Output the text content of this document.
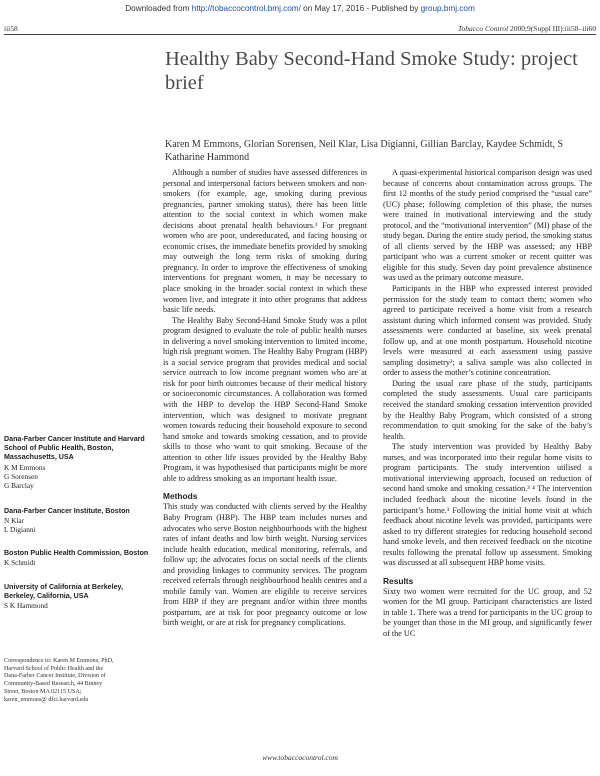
Downloaded from http://tobaccocontrol.bmj.com/ on May 17, 2016 - Published by group.bmj.com
iii58	Tobacco Control 2000;9(Suppl III):iii58–iii60
Healthy Baby Second-Hand Smoke Study: project brief
Karen M Emmons, Glorian Sorensen, Neil Klar, Lisa Digianni, Gillian Barclay, Kaydee Schmidt, S Katharine Hammond
Dana-Farber Cancer Institute and Harvard School of Public Health, Boston, Massachusetts, USA
K M Emmons
G Sorensen
G Barclay
Dana-Farber Cancer Institute, Boston
N Klar
L Digianni
Boston Public Health Commission, Boston
K Schmidt
University of California at Berkeley, Berkeley, California, USA
S K Hammond
Correspondence to: Karen M Emmons, PhD, Harvard School of Public Health and the Dana-Farber Cancer Institute, Division of Community-Based Research, 44 Binney Street, Boston MA 02115 USA; karen_emmons@ dfci.harvard.edu

Although a number of studies have assessed differences in personal and interpersonal factors between smokers and non-smokers (for example, age, smoking during previous pregnancies, partner smoking status), there has been little attention to the social context in which women make decisions about prenatal health behaviours.¹ For pregnant women who are poor, undereducated, and facing housing or economic crises, the immediate benefits provided by smoking may outweigh the long term risks of smoking during pregnancy. In order to improve the effectiveness of smoking interventions for pregnant women, it may be necessary to place smoking in the broader social context in which these women live, and integrate it into other programs that address basic life needs.

The Healthy Baby Second-Hand Smoke Study was a pilot program designed to evaluate the role of public health nurses in delivering a novel smoking intervention to limited income, high risk pregnant women. The Healthy Baby Program (HBP) is a social service program that provides medical and social service outreach to low income pregnant women who are at risk for poor birth outcomes because of their medical history or socioeconomic circumstances. A collaboration was formed with the HBP to develop the HBP Second-Hand Smoke intervention, which was designed to motivate pregnant women towards reducing their household exposure to second hand smoke and towards smoking cessation, and to provide skills to those who want to quit smoking. Because of the attention to other life issues provided by the Healthy Baby Program, it was hypothesised that participants might be more able to address smoking as an important health issue.

Methods

This study was conducted with clients served by the Healthy Baby Program (HBP). The HBP team includes nurses and advocates who serve Boston neighbourhoods with the highest rates of infant deaths and low birth weight. Nursing services include health education, medical monitoring, referrals, and follow up; the advocates focus on social needs of the clients and providing linkages to community services. The program received referrals through neighbourhood health centres and a mobile family van. Women are eligible to receive services from HBP if they are pregnant and/or within three months postpartum, are at risk for poor pregnancy outcome or low birth weight, or are at risk for pregnancy complications.

A quasi-experimental historical comparison design was used because of concerns about contamination across groups. The first 12 months of the study period comprised the “usual care” (UC) phase; following completion of this phase, the nurses were trained in motivational interviewing and the study protocol, and the “motivational intervention” (MI) phase of the study began. During the entire study period, the smoking status of all clients served by the HBP was assessed; any HBP participant who was a current smoker or recent quitter was eligible for this study. Seven day point prevalence abstinence was used as the primary outcome measure.

Participants in the HBP who expressed interest provided permission for the study team to contact them; women who agreed to participate received a home visit from a research assistant during which informed consent was provided. Study assessments were conducted at baseline, six week prenatal follow up, and at one month postpartum. Household nicotine levels were measured at each assessment using passive sampling dosimetry²; a saliva sample was also collected in order to assess the mother’s cotinine concentration.

During the usual care phase of the study, participants completed the study assessments. Usual care participants received the standard smoking cessation intervention provided by the Healthy Baby Program, which consisted of a strong recommendation to quit smoking for the sake of the baby’s health.

The study intervention was provided by Healthy Baby nurses, and was incorporated into their regular home visits to program participants. The study intervention utilised a motivational interviewing approach, focused on reduction of second hand smoke and smoking cessation.³ ⁴ The intervention included feedback about the nicotine levels found in the participant’s home.³ Following the initial home visit at which feedback about nicotine levels was provided, participants were asked to try different strategies for reducing household second hand smoke levels, and then received feedback on the nicotine results following the prenatal follow up assessment. Smoking was discussed at all subsequent HBP home visits.

Results

Sixty two women were recruited for the UC group, and 52 women for the MI group. Participant characteristics are listed in table 1. There was a trend for participants in the UC group to be younger than those in the MI group, and significantly fewer of the UC

www.tobaccocontrol.com
